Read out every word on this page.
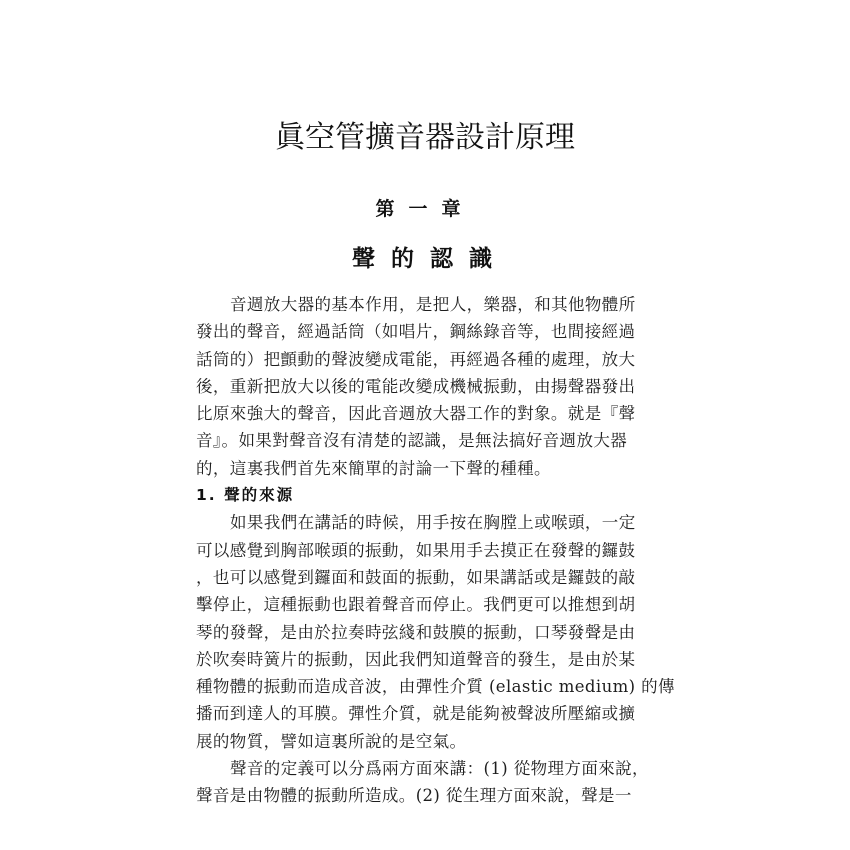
眞空管擴音器設計原理
第一章
聲的認識
音週放大器的基本作用，是把人，樂器，和其他物體所
發出的聲音，經過話筒（如唱片，鋼絲錄音等，也間接經過
話筒的）把顫動的聲波變成電能，再經過各種的處理，放大
後，重新把放大以後的電能改變成機械振動，由揚聲器發出
比原來強大的聲音，因此音週放大器工作的對象。就是『聲
音』。如果對聲音沒有清楚的認識，是無法搞好音週放大器
的，這裏我們首先來簡單的討論一下聲的種種。
1. 聲的來源
如果我們在講話的時候，用手按在胸膛上或喉頭，一定
可以感覺到胸部喉頭的振動，如果用手去摸正在發聲的鑼鼓
，也可以感覺到鑼面和鼓面的振動，如果講話或是鑼鼓的敲
擊停止，這種振動也跟着聲音而停止。我們更可以推想到胡
琴的發聲，是由於拉奏時弦綫和鼓膜的振動，口琴發聲是由
於吹奏時簧片的振動，因此我們知道聲音的發生，是由於某
種物體的振動而造成音波，由彈性介質 (elastic medium) 的傳
播而到達人的耳膜。彈性介質，就是能夠被聲波所壓縮或擴
展的物質，譬如這裏所說的是空氣。
聲音的定義可以分爲兩方面來講：(1) 從物理方面來說，
聲音是由物體的振動所造成。(2) 從生理方面來說，聲是一
